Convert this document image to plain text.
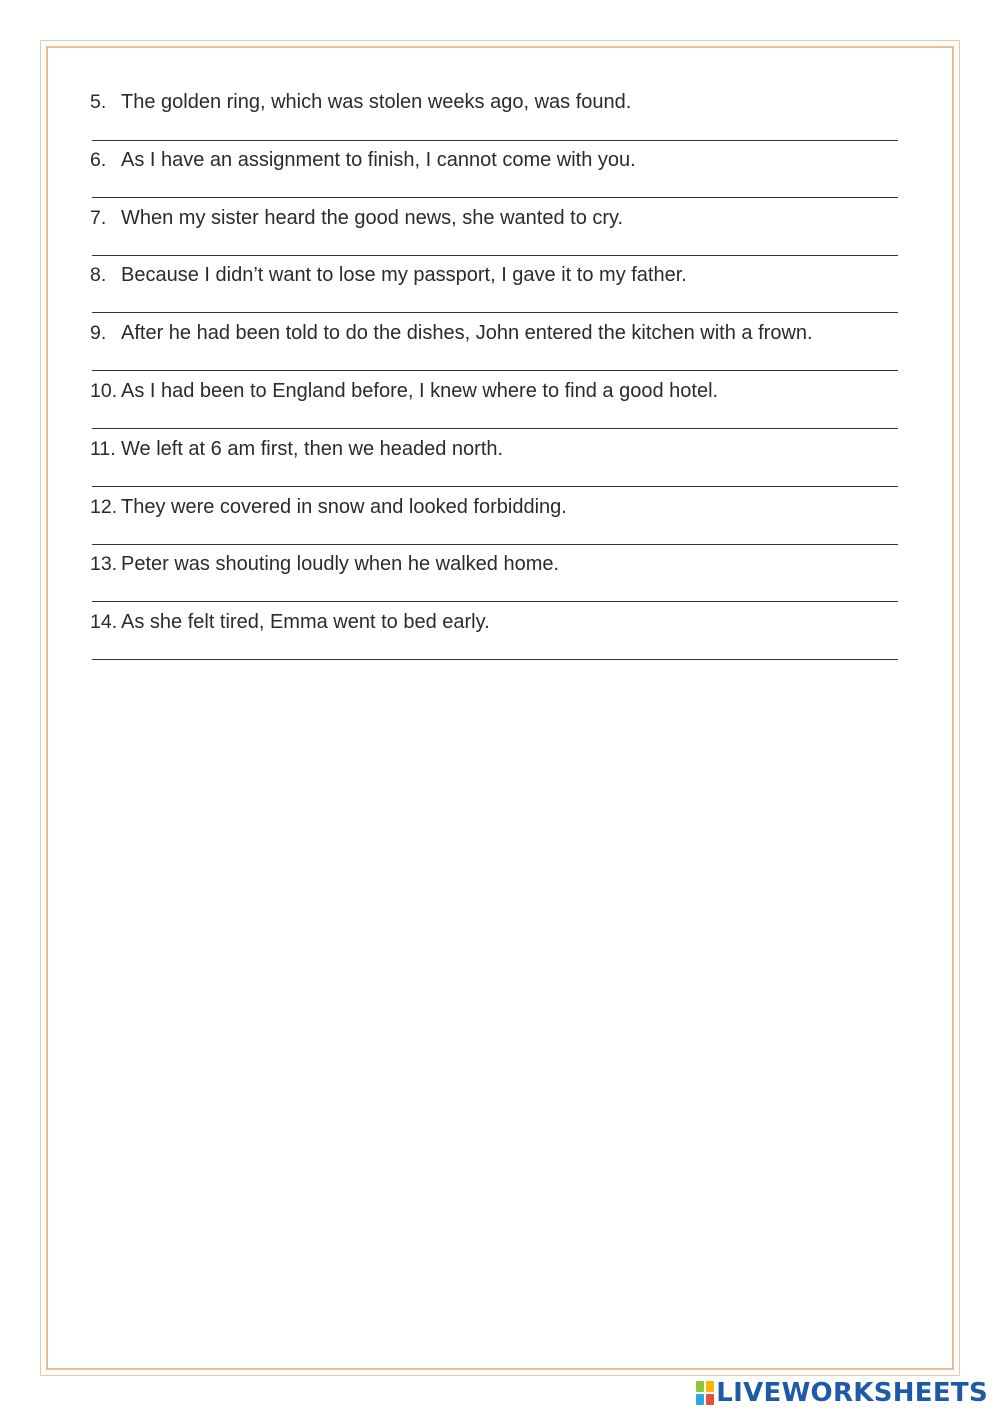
5. The golden ring, which was stolen weeks ago, was found.
6. As I have an assignment to finish, I cannot come with you.
7. When my sister heard the good news, she wanted to cry.
8. Because I didn’t want to lose my passport, I gave it to my father.
9. After he had been told to do the dishes, John entered the kitchen with a frown.
10. As I had been to England before, I knew where to find a good hotel.
11. We left at 6 am first, then we headed north.
12. They were covered in snow and looked forbidding.
13. Peter was shouting loudly when he walked home.
14. As she felt tired, Emma went to bed early.
LIVEWORKSHEETS
